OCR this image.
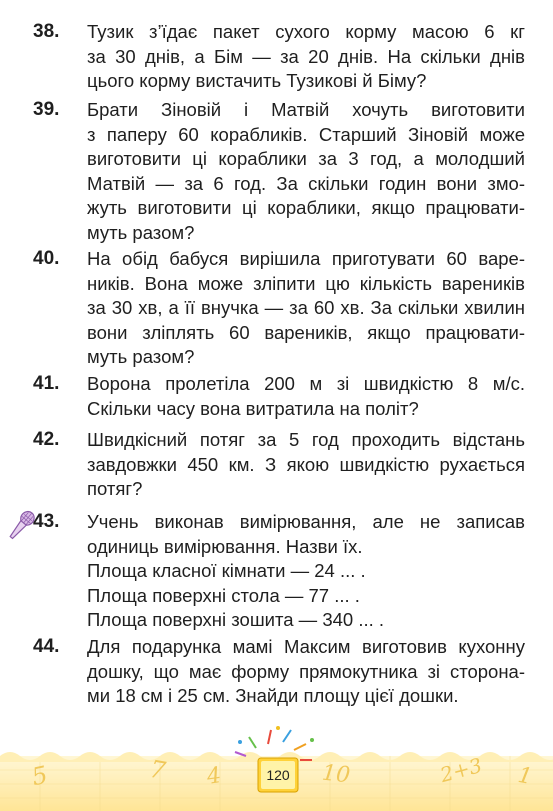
38. Тузик з’їдає пакет сухого корму масою 6 кг
за 30 днів, а Бім — за 20 днів. На скільки днів
цього корму вистачить Тузикові й Біму?
39. Брати Зіновій і Матвій хочуть виготовити
з паперу 60 корабликів. Старший Зіновій може
виготовити ці кораблики за 3 год, а молодший
Матвій — за 6 год. За скільки годин вони змо-
жуть виготовити ці кораблики, якщо працювати-
муть разом?
40. На обід бабуся вирішила приготувати 60 варе-
ників. Вона може зліпити цю кількість вареників
за 30 хв, а її внучка — за 60 хв. За скільки хвилин
вони зліплять 60 вареників, якщо працювати-
муть разом?
41. Ворона пролетіла 200 м зі швидкістю 8 м/с.
Скільки часу вона витратила на політ?
42. Швидкісний потяг за 5 год проходить відстань
завдовжки 450 км. З якою швидкістю рухається
потяг?
43. Учень виконав вимірювання, але не записав
одиниць вимірювання. Назви їх.
Площа класної кімнати — 24 ... .
Площа поверхні стола — 77 ... .
Площа поверхні зошита — 340 ... .
44. Для подарунка мамі Максим виготовив кухонну
дошку, що має форму прямокутника зі сторона-
ми 18 см і 25 см. Знайди площу цієї дошки.
5	7 4	10	2+3 1
120
